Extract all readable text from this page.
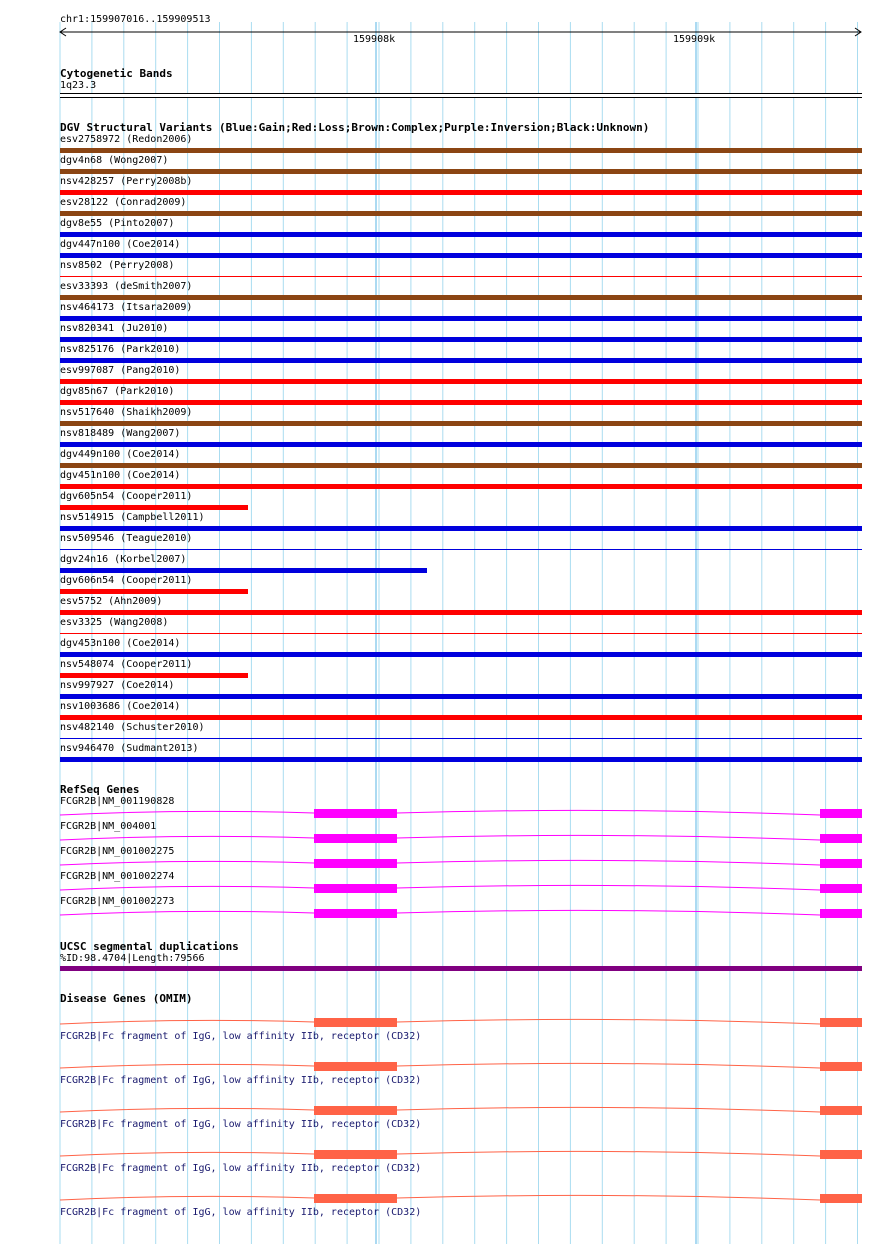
chr1:159907016..159909513
159908k	159909k
Cytogenetic Bands
1q23.3
DGV Structural Variants (Blue:Gain;Red:Loss;Brown:Complex;Purple:Inversion;Black:Unknown)
esv2758972 (Redon2006)
dgv4n68 (Wong2007)
nsv428257 (Perry2008b)
esv28122 (Conrad2009)
dgv8e55 (Pinto2007)
dgv447n100 (Coe2014)
nsv8502 (Perry2008)
esv33393 (deSmith2007)
nsv464173 (Itsara2009)
nsv820341 (Ju2010)
nsv825176 (Park2010)
esv997087 (Pang2010)
dgv85n67 (Park2010)
nsv517640 (Shaikh2009)
nsv818489 (Wang2007)
dgv449n100 (Coe2014)
dgv451n100 (Coe2014)
dgv605n54 (Cooper2011)
nsv514915 (Campbell2011)
nsv509546 (Teague2010)
dgv24n16 (Korbel2007)
dgv606n54 (Cooper2011)
esv5752 (Ahn2009)
esv3325 (Wang2008)
dgv453n100 (Coe2014)
nsv548074 (Cooper2011)
nsv997927 (Coe2014)
nsv1003686 (Coe2014)
nsv482140 (Schuster2010)
nsv946470 (Sudmant2013)
RefSeq Genes
FCGR2B|NM_001190828
FCGR2B|NM_004001
FCGR2B|NM_001002275
FCGR2B|NM_001002274
FCGR2B|NM_001002273
UCSC segmental duplications
%ID:98.4704|Length:79566
Disease Genes (OMIM)
FCGR2B|Fc fragment of IgG, low affinity IIb, receptor (CD32)
FCGR2B|Fc fragment of IgG, low affinity IIb, receptor (CD32)
FCGR2B|Fc fragment of IgG, low affinity IIb, receptor (CD32)
FCGR2B|Fc fragment of IgG, low affinity IIb, receptor (CD32)
FCGR2B|Fc fragment of IgG, low affinity IIb, receptor (CD32)
